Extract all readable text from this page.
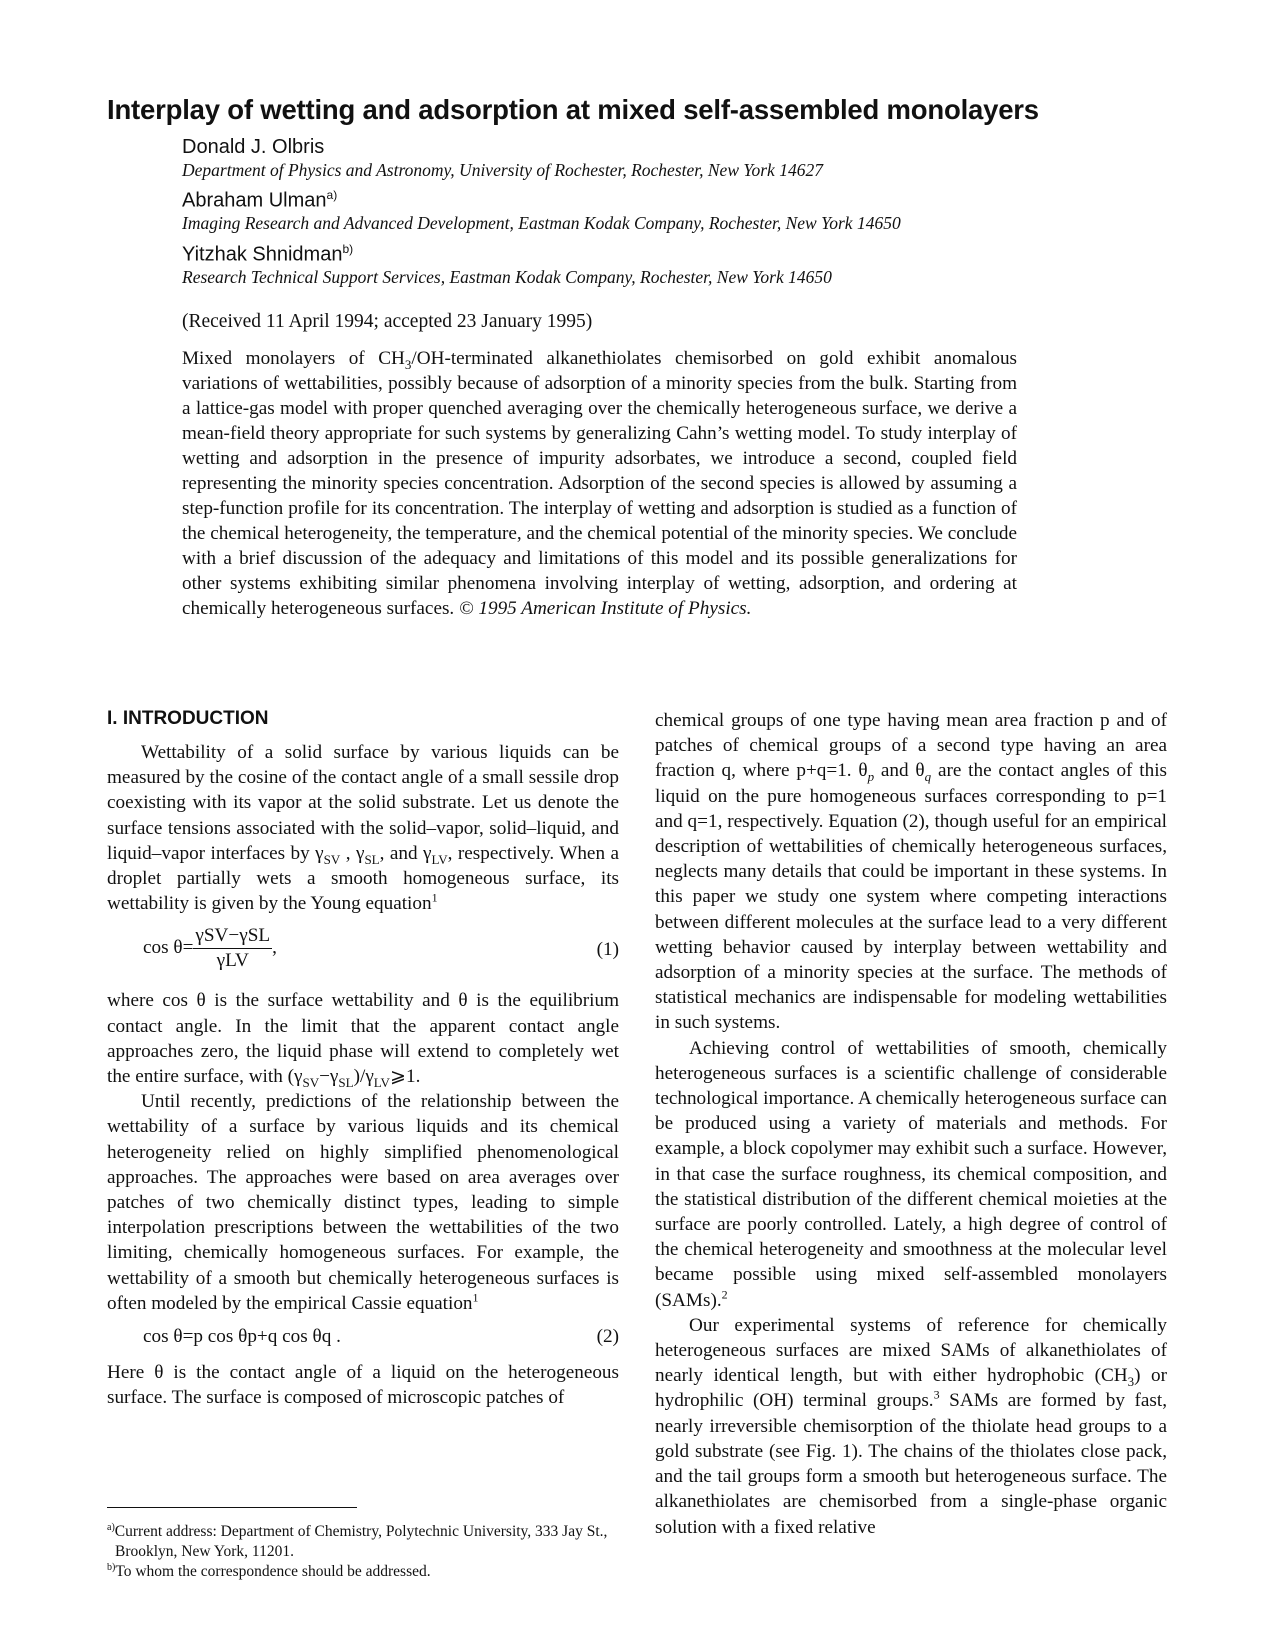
Interplay of wetting and adsorption at mixed self-assembled monolayers
Donald J. Olbris
Department of Physics and Astronomy, University of Rochester, Rochester, New York 14627
Abraham Ulman$^{a)}$
Imaging Research and Advanced Development, Eastman Kodak Company, Rochester, New York 14650
Yitzhak Shnidman$^{b)}$
Research Technical Support Services, Eastman Kodak Company, Rochester, New York 14650
(Received 11 April 1994; accepted 23 January 1995)
Mixed monolayers of $CH_3/OH$-terminated alkanethiolates chemisorbed on gold exhibit anomalous variations of wettabilities, possibly because of adsorption of a minority species from the bulk. Starting from a lattice-gas model with proper quenched averaging over the chemically heterogeneous surface, we derive a mean-field theory appropriate for such systems by generalizing Cahn’s wetting model. To study interplay of wetting and adsorption in the presence of impurity adsorbates, we introduce a second, coupled field representing the minority species concentration. Adsorption of the second species is allowed by assuming a step-function profile for its concentration. The interplay of wetting and adsorption is studied as a function of the chemical heterogeneity, the temperature, and the chemical potential of the minority species. We conclude with a brief discussion of the adequacy and limitations of this model and its possible generalizations for other systems exhibiting similar phenomena involving interplay of wetting, adsorption, and ordering at chemically heterogeneous surfaces. © 1995 American Institute of Physics.
I. INTRODUCTION

Wettability of a solid surface by various liquids can be measured by the cosine of the contact angle of a small sessile drop coexisting with its vapor at the solid substrate. Let us denote the surface tensions associated with the solid–vapor, solid–liquid, and liquid–vapor interfaces by $\gamma_{SV}$ , $\gamma_{SL}$, and $\gamma_{LV}$, respectively. When a droplet partially wets a smooth homogeneous surface, its wettability is given by the Young equation$^1$

$\cos \theta= \frac{\text{γSV−γSL}}{\text{γLV}}$ ,	(1)

where cos θ is the surface wettability and θ is the equilibrium contact angle. In the limit that the apparent contact angle approaches zero, the liquid phase will extend to completely wet the entire surface, with $(\gamma_{SV}-\gamma_{SL})/\gamma_{LV}⩾1$.

Until recently, predictions of the relationship between the wettability of a surface by various liquids and its chemical heterogeneity relied on highly simplified phenomenological approaches. The approaches were based on area averages over patches of two chemically distinct types, leading to simple interpolation prescriptions between the wettabilities of the two limiting, chemically homogeneous surfaces. For example, the wettability of a smooth but chemically heterogeneous surfaces is often modeled by the empirical Cassie equation$^1$

cos θ=p cos θp+q cos θq .	(2)

Here θ is the contact angle of a liquid on the heterogeneous surface. The surface is composed of microscopic patches of

chemical groups of one type having mean area fraction p and of patches of chemical groups of a second type having an area fraction q, where p+q=1. $\theta_p$ and $\theta_q$ are the contact angles of this liquid on the pure homogeneous surfaces corresponding to p=1 and q=1, respectively. Equation (2), though useful for an empirical description of wettabilities of chemically heterogeneous surfaces, neglects many details that could be important in these systems. In this paper we study one system where competing interactions between different molecules at the surface lead to a very different wetting behavior caused by interplay between wettability and adsorption of a minority species at the surface. The methods of statistical mechanics are indispensable for modeling wettabilities in such systems.

Achieving control of wettabilities of smooth, chemically heterogeneous surfaces is a scientific challenge of considerable technological importance. A chemically heterogeneous surface can be produced using a variety of materials and methods. For example, a block copolymer may exhibit such a surface. However, in that case the surface roughness, its chemical composition, and the statistical distribution of the different chemical moieties at the surface are poorly controlled. Lately, a high degree of control of the chemical heterogeneity and smoothness at the molecular level became possible using mixed self-assembled monolayers (SAMs).$^2$

Our experimental systems of reference for chemically heterogeneous surfaces are mixed SAMs of alkanethiolates of nearly identical length, but with either hydrophobic $(CH_3)$ or hydrophilic (OH) terminal groups.$^3$ SAMs are formed by fast, nearly irreversible chemisorption of the thiolate head groups to a gold substrate (see Fig. 1). The chains of the thiolates close pack, and the tail groups form a smooth but heterogeneous surface. The alkanethiolates are chemisorbed from a single-phase organic solution with a fixed relative

$^{a)}$Current address: Department of Chemistry, Polytechnic University, 333 Jay St., Brooklyn, New York, 11201.
$^{b)}$To whom the correspondence should be addressed.
